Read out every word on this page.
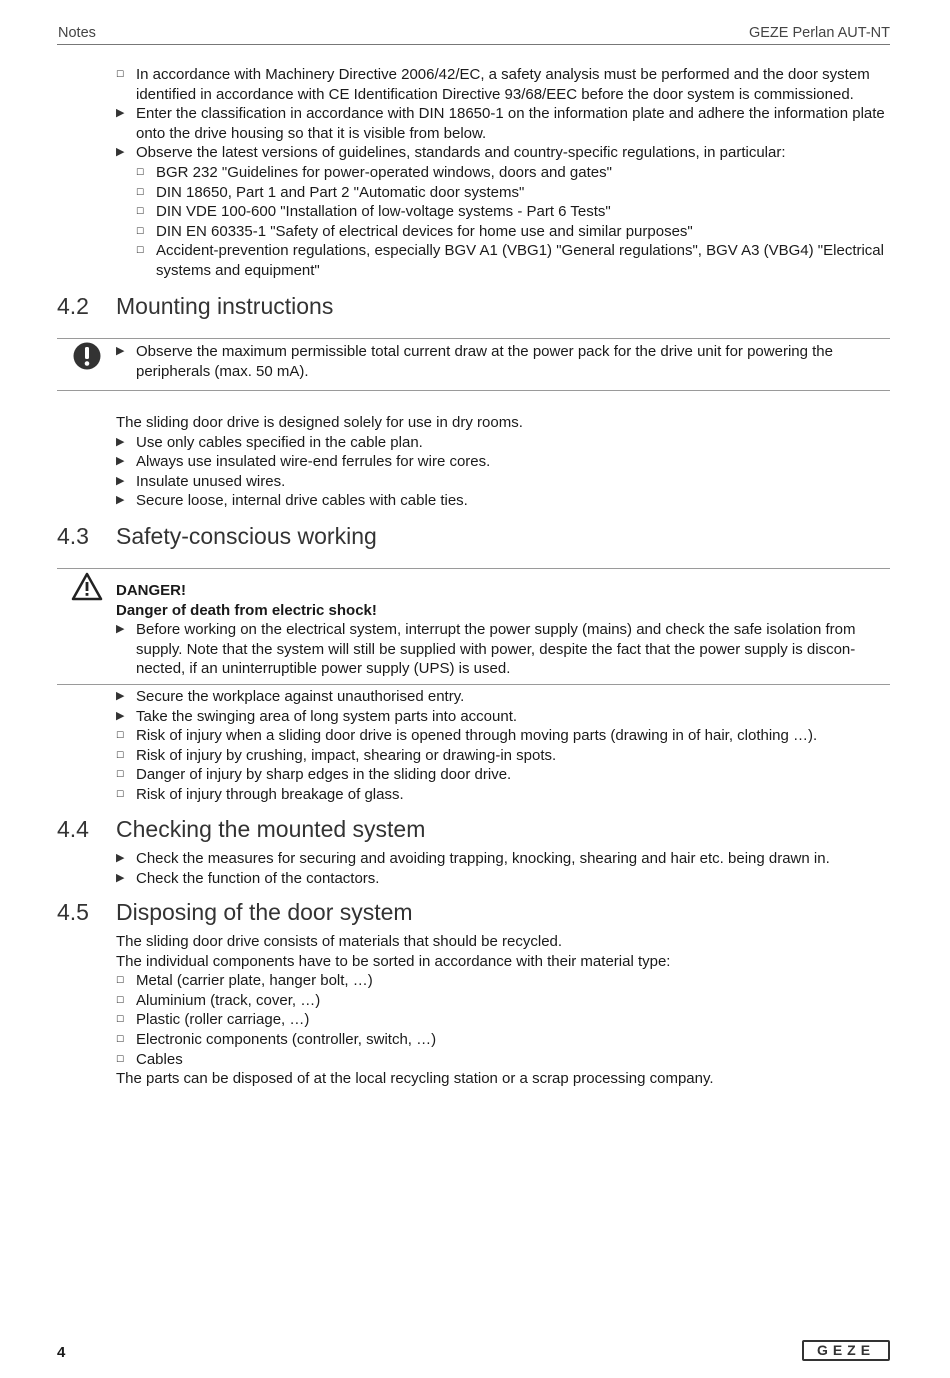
Notes	GEZE Perlan AUT-NT
☐ In accordance with Machinery Directive 2006/42/EC, a safety analysis must be performed and the door system identified in accordance with CE Identification Directive 93/68/EEC before the door system is commissioned.
▶ Enter the classification in accordance with DIN 18650-1 on the information plate and adhere the information plate onto the drive housing so that it is visible from below.
▶ Observe the latest versions of guidelines, standards and country-specific regulations, in particular:
☐ BGR 232 "Guidelines for power-operated windows, doors and gates"
☐ DIN 18650, Part 1 and Part 2 "Automatic door systems"
☐ DIN VDE 100-600 "Installation of low-voltage systems - Part 6 Tests"
☐ DIN EN 60335-1 "Safety of electrical devices for home use and similar purposes"
☐ Accident-prevention regulations, especially BGV A1 (VBG1) "General regulations", BGV A3 (VBG4) "Electrical systems and equipment"
4.2 Mounting instructions
▶ Observe the maximum permissible total current draw at the power pack for the drive unit for powering the peripherals (max. 50 mA).

The sliding door drive is designed solely for use in dry rooms.

▶ Use only cables specified in the cable plan.
▶ Always use insulated wire-end ferrules for wire cores.
▶ Insulate unused wires.
▶ Secure loose, internal drive cables with cable ties.
4.3 Safety-conscious working
DANGER!
Danger of death from electric shock!
▶ Before working on the electrical system, interrupt the power supply (mains) and check the safe isolation from supply. Note that the system will still be supplied with power, despite the fact that the power supply is disconnected, if an uninterruptible power supply (UPS) is used.
▶ Secure the workplace against unauthorised entry.
▶ Take the swinging area of long system parts into account.
☐ Risk of injury when a sliding door drive is opened through moving parts (drawing in of hair, clothing …).
☐ Risk of injury by crushing, impact, shearing or drawing-in spots.
☐ Danger of injury by sharp edges in the sliding door drive.
☐ Risk of injury through breakage of glass.
4.4 Checking the mounted system
▶ Check the measures for securing and avoiding trapping, knocking, shearing and hair etc. being drawn in.
▶ Check the function of the contactors.
4.5 Disposing of the door system

The sliding door drive consists of materials that should be recycled.

The individual components have to be sorted in accordance with their material type:

☐ Metal (carrier plate, hanger bolt, …)
☐ Aluminium (track, cover, …)
☐ Plastic (roller carriage, …)
☐ Electronic components (controller, switch, …)
☐ Cables

The parts can be disposed of at the local recycling station or a scrap processing company.

4	GEZE
